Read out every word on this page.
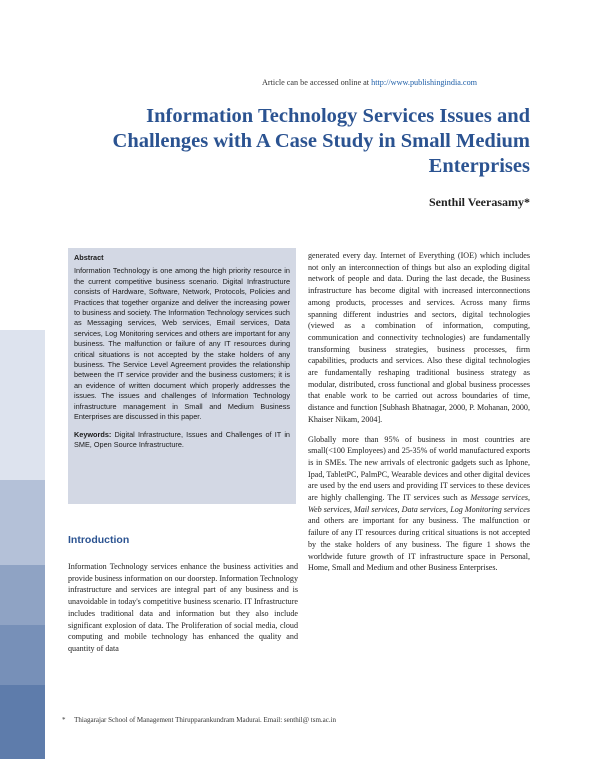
Article can be accessed online at http://www.publishingindia.com
Information Technology Services Issues and Challenges with A Case Study in Small Medium Enterprises
Senthil Veerasamy*
Abstract
Information Technology is one among the high priority resource in the current competitive business scenario. Digital Infrastructure consists of Hardware, Software, Network, Protocols, Policies and Practices that together organize and deliver the increasing power to business and society. The Information Technology services such as Messaging services, Web services, Email services, Data services, Log Monitoring services and others are important for any business. The malfunction or failure of any IT resources during critical situations is not accepted by the stake holders of any business. The Service Level Agreement provides the relationship between the IT service provider and the business customers; it is an evidence of written document which properly addresses the issues. The issues and challenges of Information Technology infrastructure management in Small and Medium Business Enterprises are discussed in this paper.
Keywords: Digital Infrastructure, Issues and Challenges of IT in SME, Open Source Infrastructure.
Introduction

Information Technology services enhance the business activities and provide business information on our doorstep. Information Technology infrastructure and services are integral part of any business and is unavoidable in today's competitive business scenario. IT Infrastructure includes traditional data and information but they also include significant explosion of data. The Proliferation of social media, cloud computing and mobile technology has enhanced the quality and quantity of data

generated every day. Internet of Everything (IOE) which includes not only an interconnection of things but also an exploding digital network of people and data. During the last decade, the Business infrastructure has become digital with increased interconnections among products, processes and services. Across many firms spanning different industries and sectors, digital technologies (viewed as a combination of information, computing, communication and connectivity technologies) are fundamentally transforming business strategies, business processes, firm capabilities, products and services. Also these digital technologies are fundamentally reshaping traditional business strategy as modular, distributed, cross functional and global business processes that enable work to be carried out across boundaries of time, distance and function [Subhash Bhatnagar, 2000, P. Mohanan, 2000, Khaiser Nikam, 2004].

Globally more than 95% of business in most countries are small(<100 Employees) and 25-35% of world manufactured exports is in SMEs. The new arrivals of electronic gadgets such as Iphone, Ipad, TabletPC, PalmPC, Wearable devices and other digital devices are used by the end users and providing IT services to these devices are highly challenging. The IT services such as Message services, Web services, Mail services, Data services, Log Monitoring services and others are important for any business. The malfunction or failure of any IT resources during critical situations is not accepted by the stake holders of any business. The figure 1 shows the worldwide future growth of IT infrastructure space in Personal, Home, Small and Medium and other Business Enterprises.

* Thiagarajar School of Management Thirupparankundram Madurai. Email: senthil@ tsm.ac.in
